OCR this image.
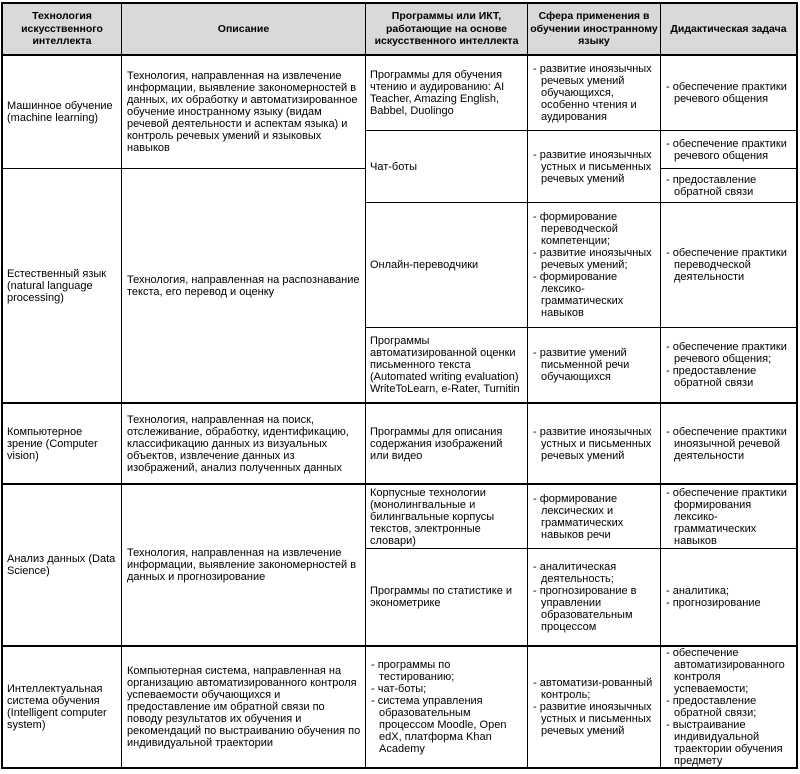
Технология искусственного интеллекта
Описание
Программы или ИКТ, работающие на основе искусственного интеллекта
Сфера применения в обучении иностранному языку
Дидактическая задача
Машинное обучение (machine learning)
Технология, направленная на извлечение информации, выявление закономерностей в данных, их обработку и автоматизированное обучение иностранному языку (видам речевой деятельности и аспектам языка) и контроль речевых умений и языковых навыков
Естественный язык (natural language processing)
Технология, направленная на распознавание текста, его перевод и оценку
Компьютерное зрение (Computer vision)
Технология, направленная на поиск, отслеживание, обработку, идентификацию, классификацию данных из визуальных объектов, извлечение данных из изображений, анализ полученных данных
Анализ данных (Data Science)
Технология, направленная на извлечение информации, выявление закономерностей в данных и прогнозирование
Интеллектуальная система обучения (Intelligent computer system)
Компьютерная система, направленная на организацию автоматизированного контроля успеваемости обучающихся и предоставление им обратной связи по поводу результатов их обучения и рекомендаций по выстраиванию обучения по индивидуальной траектории
Программы для обучения чтению и аудированию: AI Teacher, Amazing English, Babbel, Duolingo
- развитие иноязычных речевых умений обучающихся, особенно чтения и аудирования
- обеспечение практики речевого общения
Чат-боты
- развитие иноязычных устных и письменных речевых умений
- обеспечение практики речевого общения
- предоставление обратной связи
Онлайн-переводчики
- формирование переводческой компетенции;
- развитие иноязычных речевых умений;
- формирование лексико-грамматических навыков
- обеспечение практики переводческой деятельности
Программы автоматизированной оценки письменного текста (Automated writing evaluation) WriteToLearn, e-Rater, Turnitin
- развитие умений письменной речи обучающихся
- обеспечение практики речевого общения;
- предоставление обратной связи
Программы для описания содержания изображений или видео
- развитие иноязычных устных и письменных речевых умений
- обеспечение практики иноязычной речевой деятельности
Корпусные технологии (монолингвальные и билингвальные корпусы текстов, электронные словари)
- формирование лексических и грамматических навыков речи
- обеспечение практики формирования лексико-грамматических навыков
Программы по статистике и эконометрике
- аналитическая деятельность;
- прогнозирование в управлении образовательным процессом
- аналитика;
- прогнозирование
- программы по тестированию;
- чат-боты;
- система управления образовательным процессом Moodle, Open edX, платформа Khan Academy
- автоматизи-рованный контроль;
- развитие иноязычных устных и письменных речевых умений
- обеспечение автоматизированного контроля успеваемости;
- предоставление обратной связи;
- выстраивание индивидуальной траектории обучения предмету
